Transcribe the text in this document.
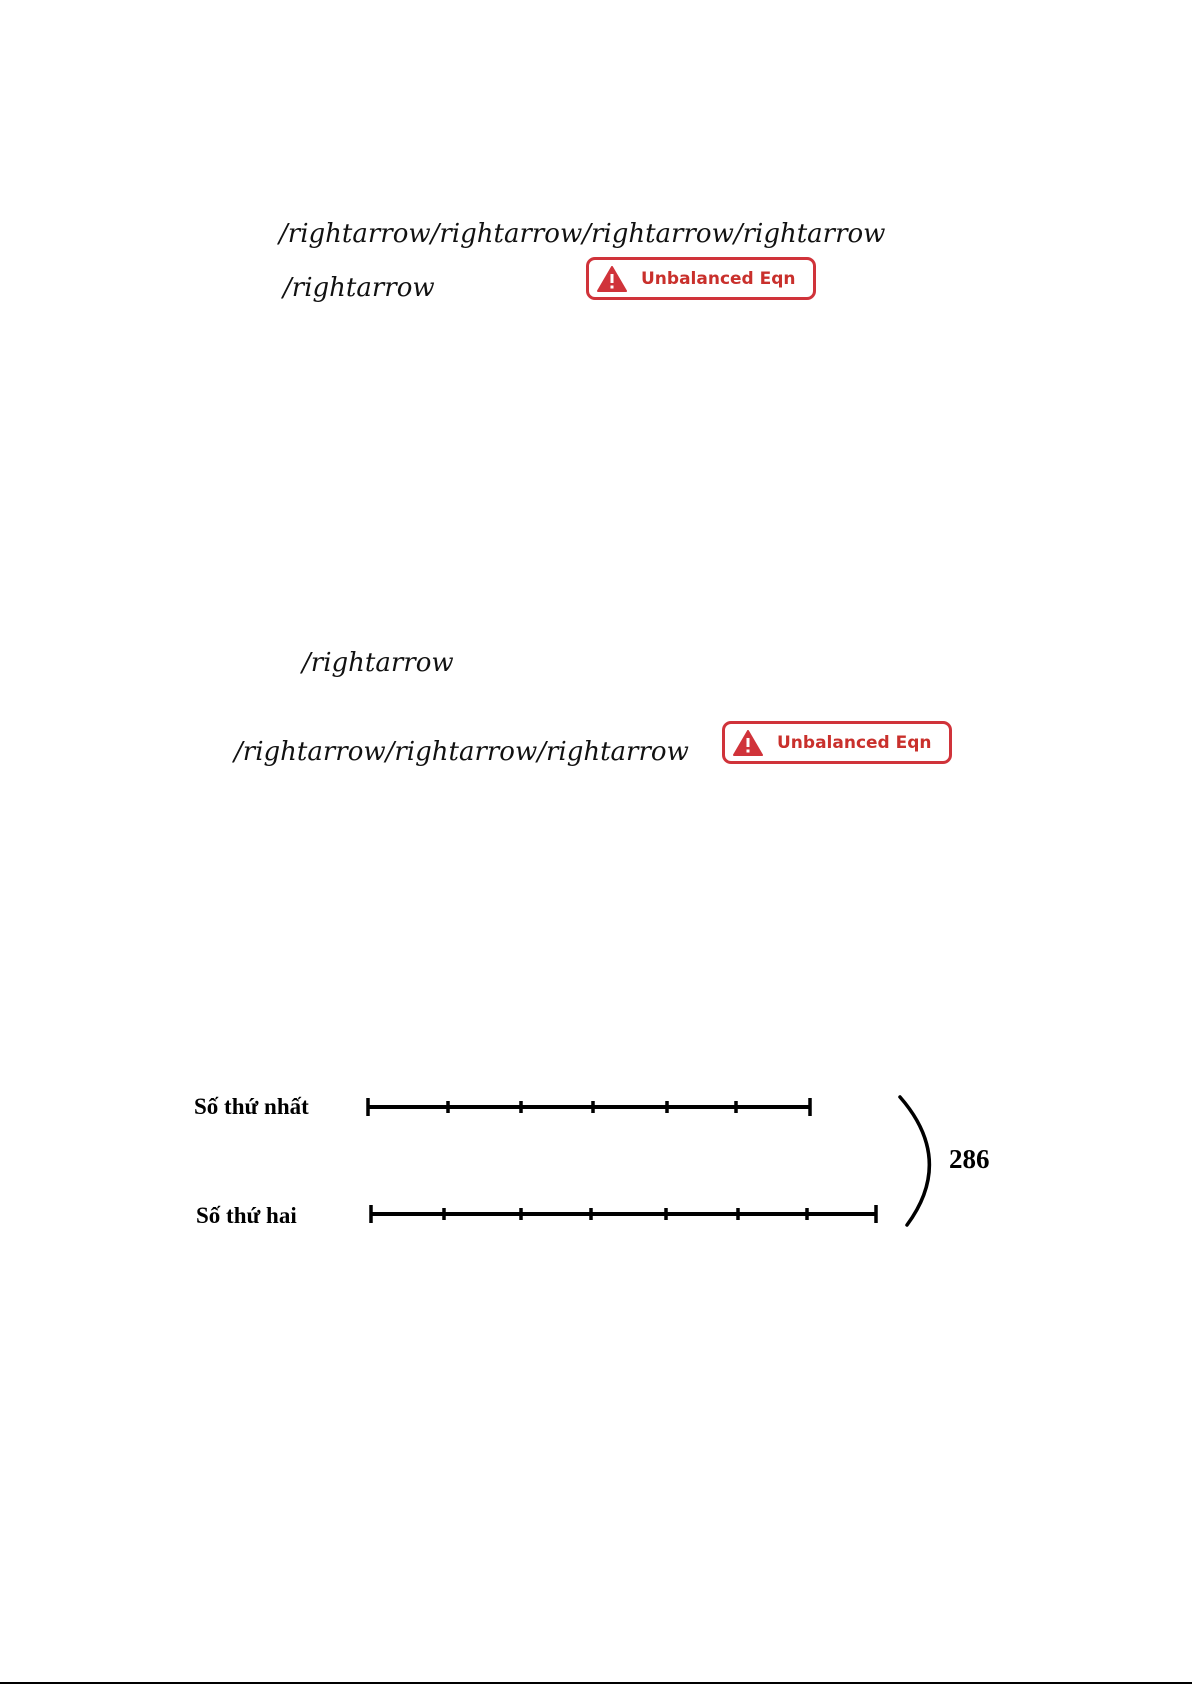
/rightarrow/rightarrow/rightarrow/rightarrow
/rightarrow	Unbalanced Eqn
/rightarrow
/rightarrow/rightarrow/rightarrow	Unbalanced Eqn
Số thứ nhất
Số thứ hai
286
